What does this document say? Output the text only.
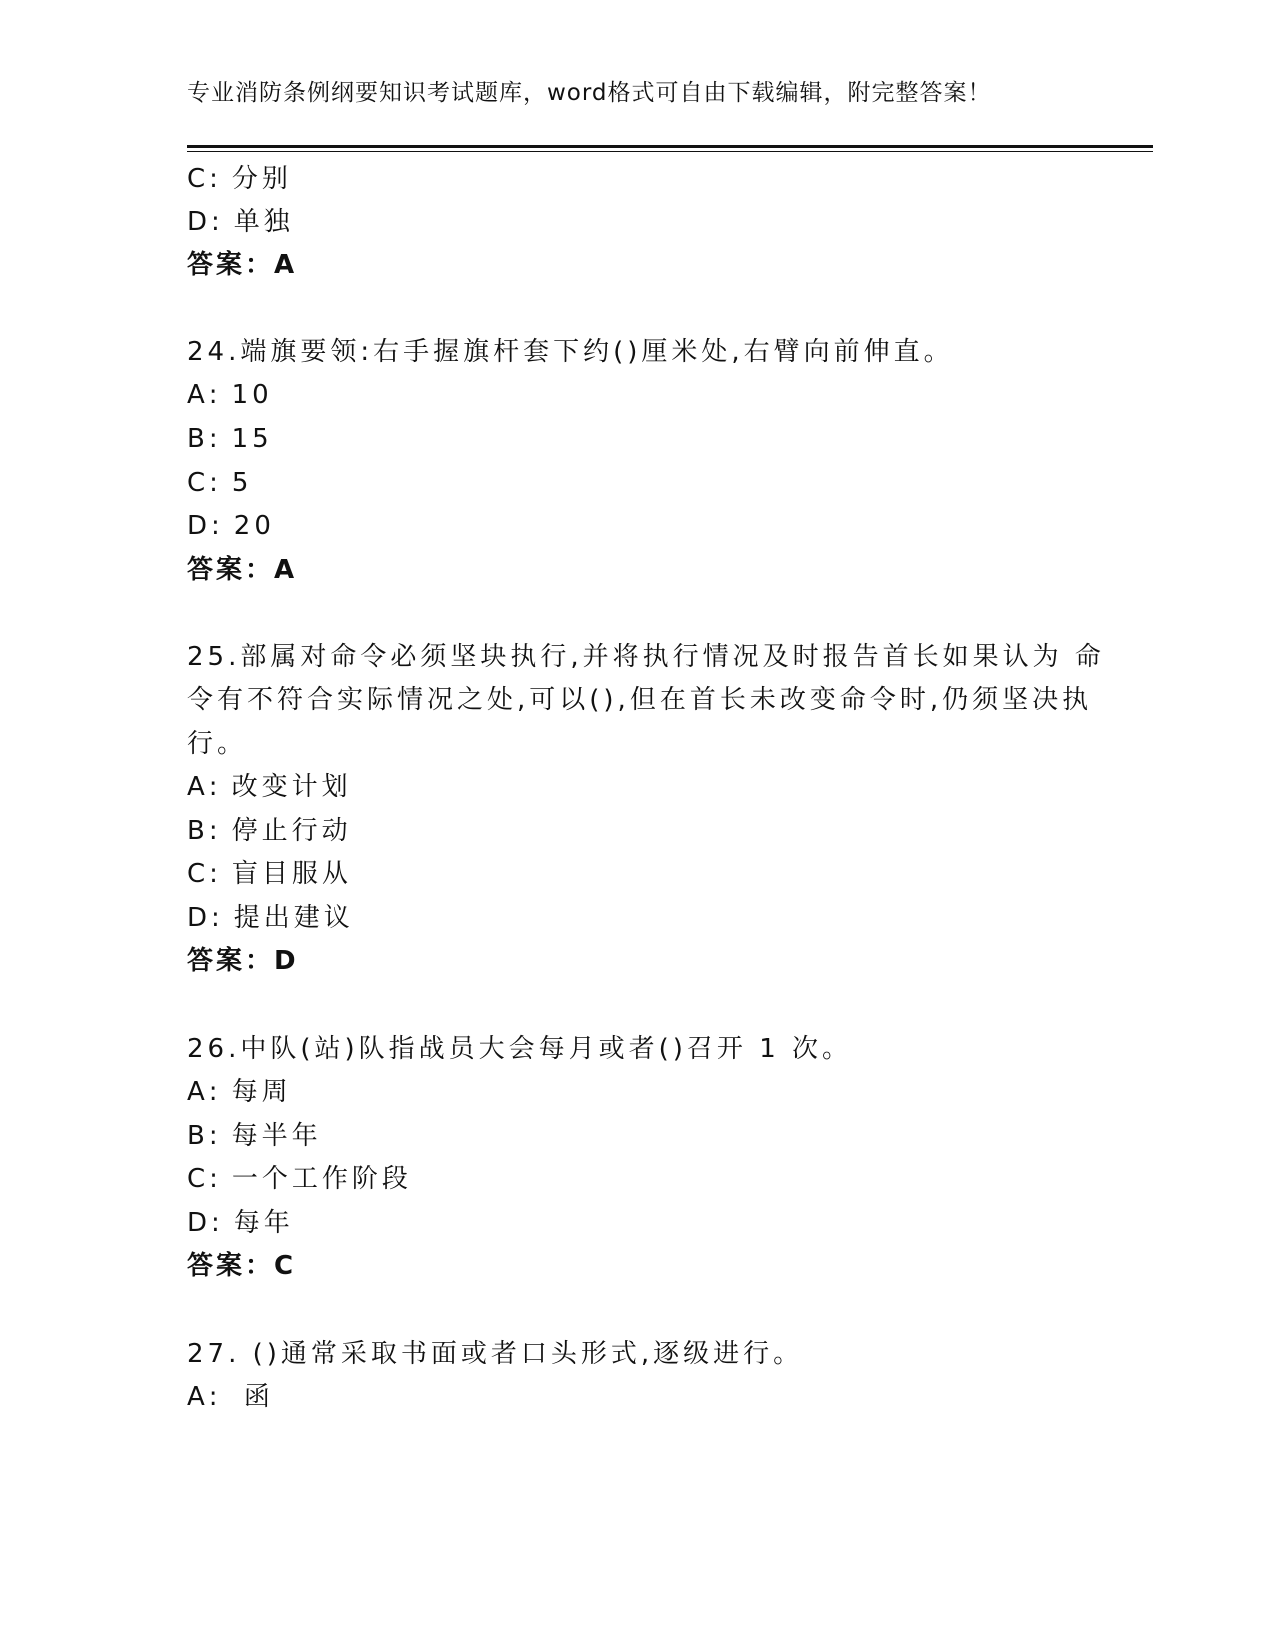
专业消防条例纲要知识考试题库，word格式可自由下载编辑，附完整答案！
C: 分别
D: 单独
答案：A
24.端旗要领:右手握旗杆套下约()厘米处,右臂向前伸直。
A: 10
B: 15
C: 5
D: 20
答案：A
25.部属对命令必须坚块执行,并将执行情况及时报告首长如果认为 命
令有不符合实际情况之处,可以(),但在首长未改变命令时,仍须坚决执
行。
A: 改变计划
B: 停止行动
C: 盲目服从
D: 提出建议
答案：D
26.中队(站)队指战员大会每月或者()召开 1 次。
A: 每周
B: 每半年
C: 一个工作阶段
D: 每年
答案：C
27. ()通常采取书面或者口头形式,逐级进行。
A: 函
